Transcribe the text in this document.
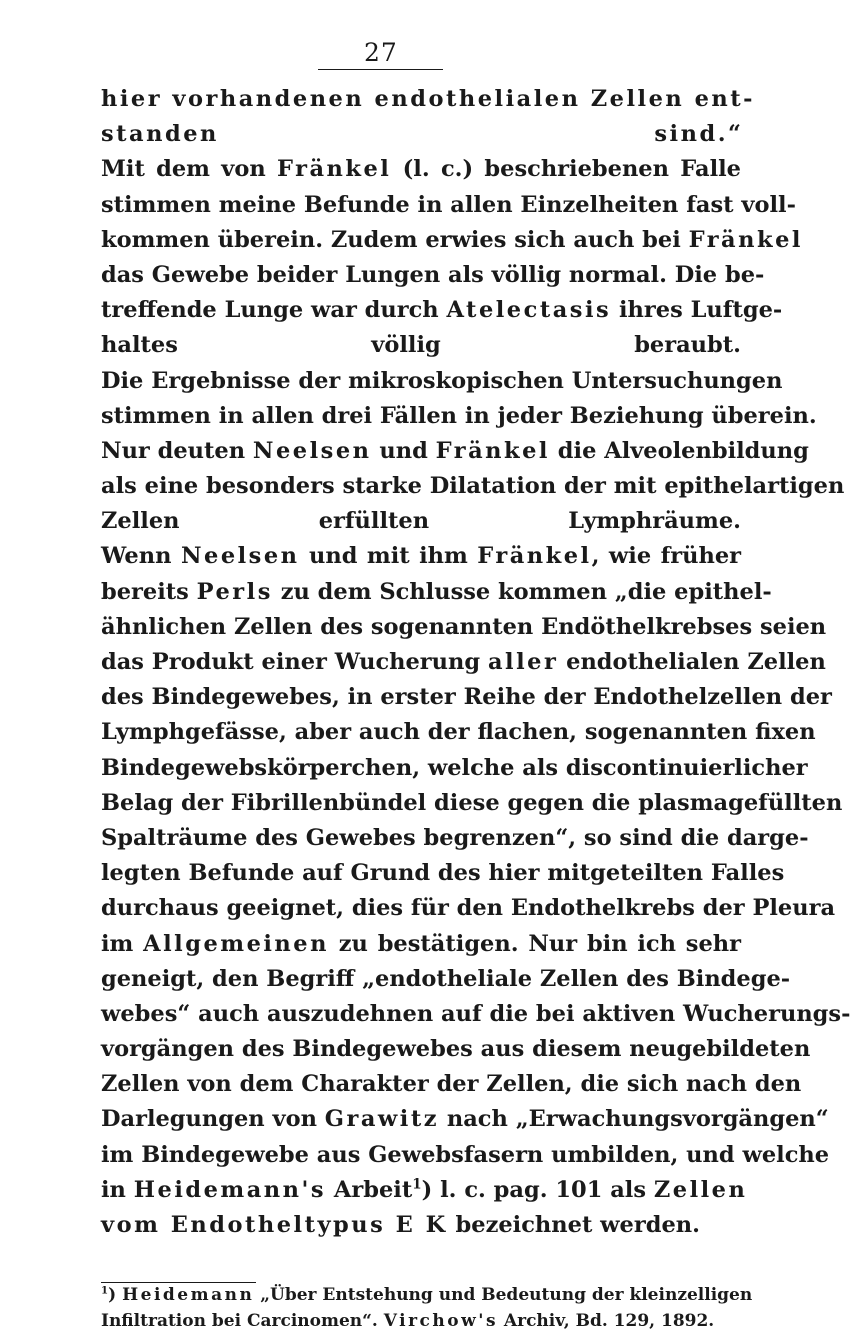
27
hier vorhandenen endothelialen Zellen ent-
standen sind.“
Mit dem von Fränkel (l. c.) beschriebenen Falle
stimmen meine Befunde in allen Einzelheiten fast voll-
kommen überein. Zudem erwies sich auch bei Fränkel
das Gewebe beider Lungen als völlig normal. Die be-
treffende Lunge war durch Atelectasis ihres Luftge-
haltes völlig beraubt.
Die Ergebnisse der mikroskopischen Untersuchungen
stimmen in allen drei Fällen in jeder Beziehung überein.
Nur deuten Neelsen und Fränkel die Alveolenbildung
als eine besonders starke Dilatation der mit epithelartigen
Zellen erfüllten Lymphräume.
Wenn Neelsen und mit ihm Fränkel, wie früher
bereits Perls zu dem Schlusse kommen „die epithel-
ähnlichen Zellen des sogenannten Endöthelkrebses seien
das Produkt einer Wucherung aller endothelialen Zellen
des Bindegewebes, in erster Reihe der Endothelzellen der
Lymphgefässe, aber auch der flachen, sogenannten fixen
Bindegewebskörperchen, welche als discontinuierlicher
Belag der Fibrillenbündel diese gegen die plasmagefüllten
Spalträume des Gewebes begrenzen“, so sind die darge-
legten Befunde auf Grund des hier mitgeteilten Falles
durchaus geeignet, dies für den Endothelkrebs der Pleura
im Allgemeinen zu bestätigen. Nur bin ich sehr
geneigt, den Begriff „endotheliale Zellen des Bindege-
webes“ auch auszudehnen auf die bei aktiven Wucherungs-
vorgängen des Bindegewebes aus diesem neugebildeten
Zellen von dem Charakter der Zellen, die sich nach den
Darlegungen von Grawitz nach „Erwachungsvorgängen“
im Bindegewebe aus Gewebsfasern umbilden, und welche
in Heidemann's Arbeit$^1$) l. c. pag. 101 als Zellen
vom Endotheltypus E K bezeichnet werden.
$^1$) Heidemann „Über Entstehung und Bedeutung der kleinzelligen
Infiltration bei Carcinomen“. Virchow's Archiv, Bd. 129, 1892.
